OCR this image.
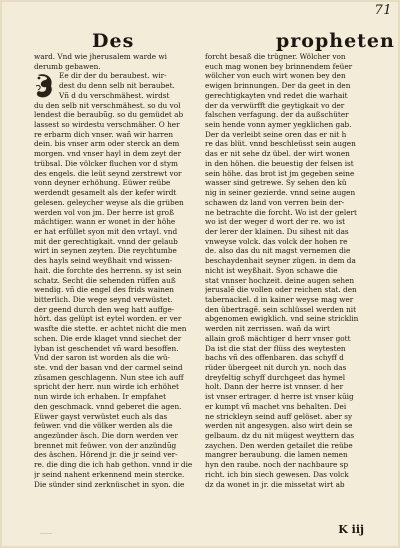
71
Des	propheten
ward. Vnd wie jherusalem warde wi
derumb gebawen.
Ee dir der du beraubest. wir-
dest du denn selb nit beraubet.
Vñ d du verschmähest. wirdst
du den selb nit verschmähest. so du vol
lendest die beraubũg. so du gemüdet ab
lassest so wirdestu verschmäher. O her
re erbarm dich vnser. wañ wir harren
dein. bis vnser arm oder sterck an dem
morgen. vnd vnser hayl in dem zeyt der
trübsal. Die völcker fluchen vor d stym
des engels. die leüt seynd zerstrewt vor
vonn deyner erhöhung. Eüwer reübe
werdendt gesamelt als der kefer wirdt
gelesen. geleycher weyse als die grüben
werden vol von jm. Der herre ist groß
mächtiger. wann er wonet in der höhe
er hat erfüllet syon mit den vrtayl. vnd
mit der gerechtigkait. vnnd der gelaub
wirt in seynen zeyten. Die reychtumbe
des hayls seind weyßhait vnd wissen-
hait. die forchte des herrenn. sy ist sein
schatz. Secht die sehenden rüffen auß
wendig. vñ die engel des frids wainen
bitterlich. Die wege seynd verwüstet.
der geend durch den weg hatt auffge-
hört. das gelüpt ist eytel worden. er ver
wasfte die stette. er achtet nicht die men
schen. Die erde klaget vnnd siechet der
lyban ist geschendet vñ ward besoffen.
Vnd der saron ist worden als die wü-
ste. vnd der basan vnd der carmel seind
züsamen geschlagenn. Nun stee ich auff
spricht der herr. nun wirde ich erhöhet
nun wirde ich erhaben. Ir empfahet
den geschmack. vnnd geberet die agen.
Eüwer gayst verwüstet euch als das
feüwer. vnd die völker werden als die
angezünder äsch. Die dorn werden ver
brennet mit feüwer. von der anzündũg
des äschen. Hörend jr. die jr seind ver-
re. die ding die ich hab gethon. vnnd ir die
jr seind nahent erkennend mein stercke.
Die sünder sind zerknüschet in syon. die
forcht besaß die trügner. Wölcher von
euch mag wonen bey brinnendem feüer
wölcher von euch wirt wonen bey den
ewigen brinnungen. Der da geet in den
gerechtigkayten vnd redet die warhait
der da verwürfft die geytigkait vo der
falschen verfagung. der da außschüter
sein hende vonn aymer yegklichen gab.
Der da verleibt seine oren das er nit h
re das blüt. vnnd beschleüsst sein augen
das er nit sehe dz übel. der wirt wonen
in den höhen. die beuestig der felsen ist
sein höhe. das brot ist jm gegeben seine
wasser sind getrewe. Sy sehen den kü
nig in seiner gezierde. vnnd seine augen
schawen dz land von verren bein der-
ne betrachte die forcht. Wo ist der gelert
wo ist der weger d wort der re. wo ist
der lerer der klainen. Du sihest nit das
vnweyse volck. das volck der hohen re
de. also das du nit magst vernemen die
beschaydenhait seyner zügen. in dem da
nicht ist weyßhait. Syon schawe die
stat vnnser hochzeit. deine augen sehen
jerusalē die vollen oder reichen stat. den
tabernackel. d in kainer weyse mag wer
den übertragē. sein schlüssel werden nit
abgenomen ewigklich. vnd seine stricklin
werden nit zerrissen. wañ da wirt
allain groß mächtiger d herr vnser gott
Da ist die stat der flüss des weytesten
bachs vñ des offenbaren. das schyff d
rüder übergeet nit durch yn. noch das
dreyfeltig schyff durchgeet das hymel
holt. Dann der herre ist vnnser. d her
ist vnser ertrager. d herre ist vnser kūig
er kumpt vñ machet vns behalten. Dei
ne strickleyn seind auff gelöset. aber sy
werden nit angesygen. also wirt dein se
gelbaum. dz du nit mügest weyttern das
zaychen. Den werden getailet die reübe
mangrer beraubung. die lamen nemen
hyn den raube. noch der nachbaure sp
richt. ich bin siech gewesen. Das volck
dz da wonet in jr. die missetat wirt ab
……	K iij
